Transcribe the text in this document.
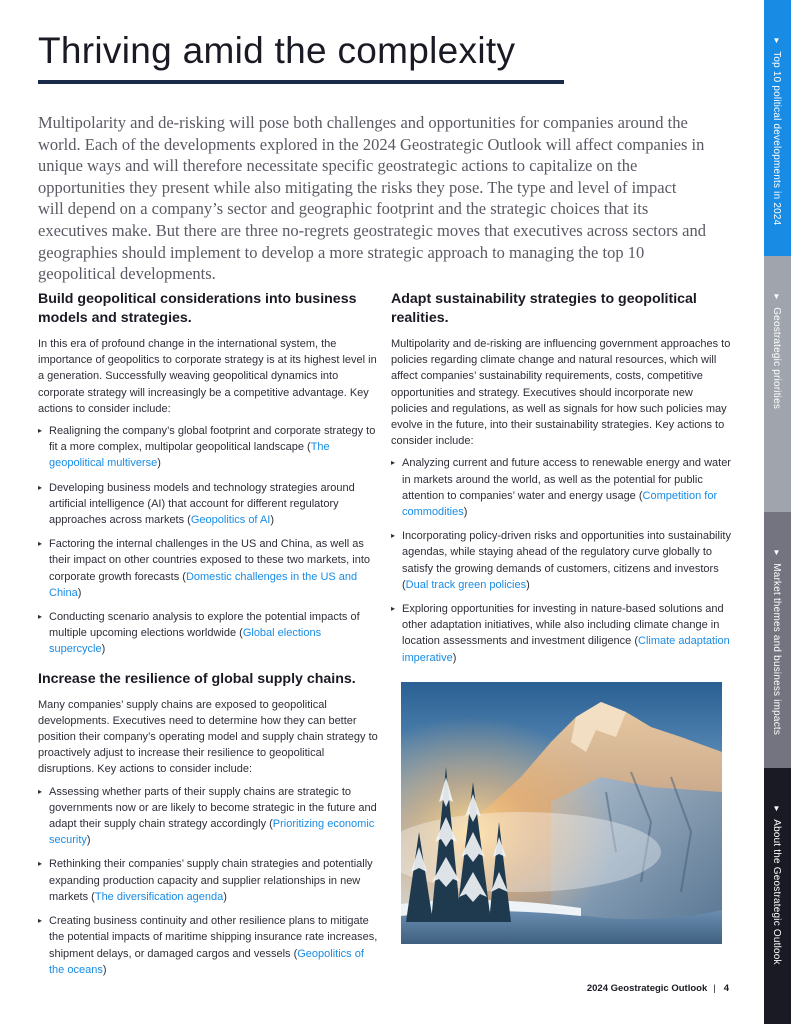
Thriving amid the complexity

Multipolarity and de-risking will pose both challenges and opportunities for companies around the world. Each of the developments explored in the 2024 Geostrategic Outlook will affect companies in unique ways and will therefore necessitate specific geostrategic actions to capitalize on the opportunities they present while also mitigating the risks they pose. The type and level of impact will depend on a company’s sector and geographic footprint and the strategic choices that its executives make. But there are three no-regrets geostrategic moves that executives across sectors and geographies should implement to develop a more strategic approach to managing the top 10 geopolitical developments.

Build geopolitical considerations into business models and strategies.

In this era of profound change in the international system, the importance of geopolitics to corporate strategy is at its highest level in a generation. Successfully weaving geopolitical dynamics into corporate strategy will increasingly be a competitive advantage. Key actions to consider include:

▸ Realigning the company’s global footprint and corporate strategy to fit a more complex, multipolar geopolitical landscape (The geopolitical multiverse)
▸ Developing business models and technology strategies around artificial intelligence (AI) that account for different regulatory approaches across markets (Geopolitics of AI)
▸ Factoring the internal challenges in the US and China, as well as their impact on other countries exposed to these two markets, into corporate growth forecasts (Domestic challenges in the US and China)
▸ Conducting scenario analysis to explore the potential impacts of multiple upcoming elections worldwide (Global elections supercycle)
Increase the resilience of global supply chains.

Many companies’ supply chains are exposed to geopolitical developments. Executives need to determine how they can better position their company’s operating model and supply chain strategy to proactively adjust to increase their resilience to geopolitical disruptions. Key actions to consider include:

▸ Assessing whether parts of their supply chains are strategic to governments now or are likely to become strategic in the future and adapt their supply chain strategy accordingly (Prioritizing economic security)
▸ Rethinking their companies’ supply chain strategies and potentially expanding production capacity and supplier relationships in new markets (The diversification agenda)
▸ Creating business continuity and other resilience plans to mitigate the potential impacts of maritime shipping insurance rate increases, shipment delays, or damaged cargos and vessels (Geopolitics of the oceans)
Adapt sustainability strategies to geopolitical realities.

Multipolarity and de-risking are influencing government approaches to policies regarding climate change and natural resources, which will affect companies’ sustainability requirements, costs, competitive opportunities and strategy. Executives should incorporate new policies and regulations, as well as signals for how such policies may evolve in the future, into their sustainability strategies. Key actions to consider include:

▸ Analyzing current and future access to renewable energy and water in markets around the world, as well as the potential for public attention to companies’ water and energy usage (Competition for commodities)
▸ Incorporating policy-driven risks and opportunities into sustainability agendas, while staying ahead of the regulatory curve globally to satisfy the growing demands of customers, citizens and investors (Dual track green policies)
▸ Exploring opportunities for investing in nature-based solutions and other adaptation initiatives, while also including climate change in location assessments and investment diligence (Climate adaptation imperative)
2024 Geostrategic Outlook | 4
▼Top 10 political developments in 2024
▼Geostrategic priorities
▼Market themes and business impacts
▼About the Geostrategic Outlook
